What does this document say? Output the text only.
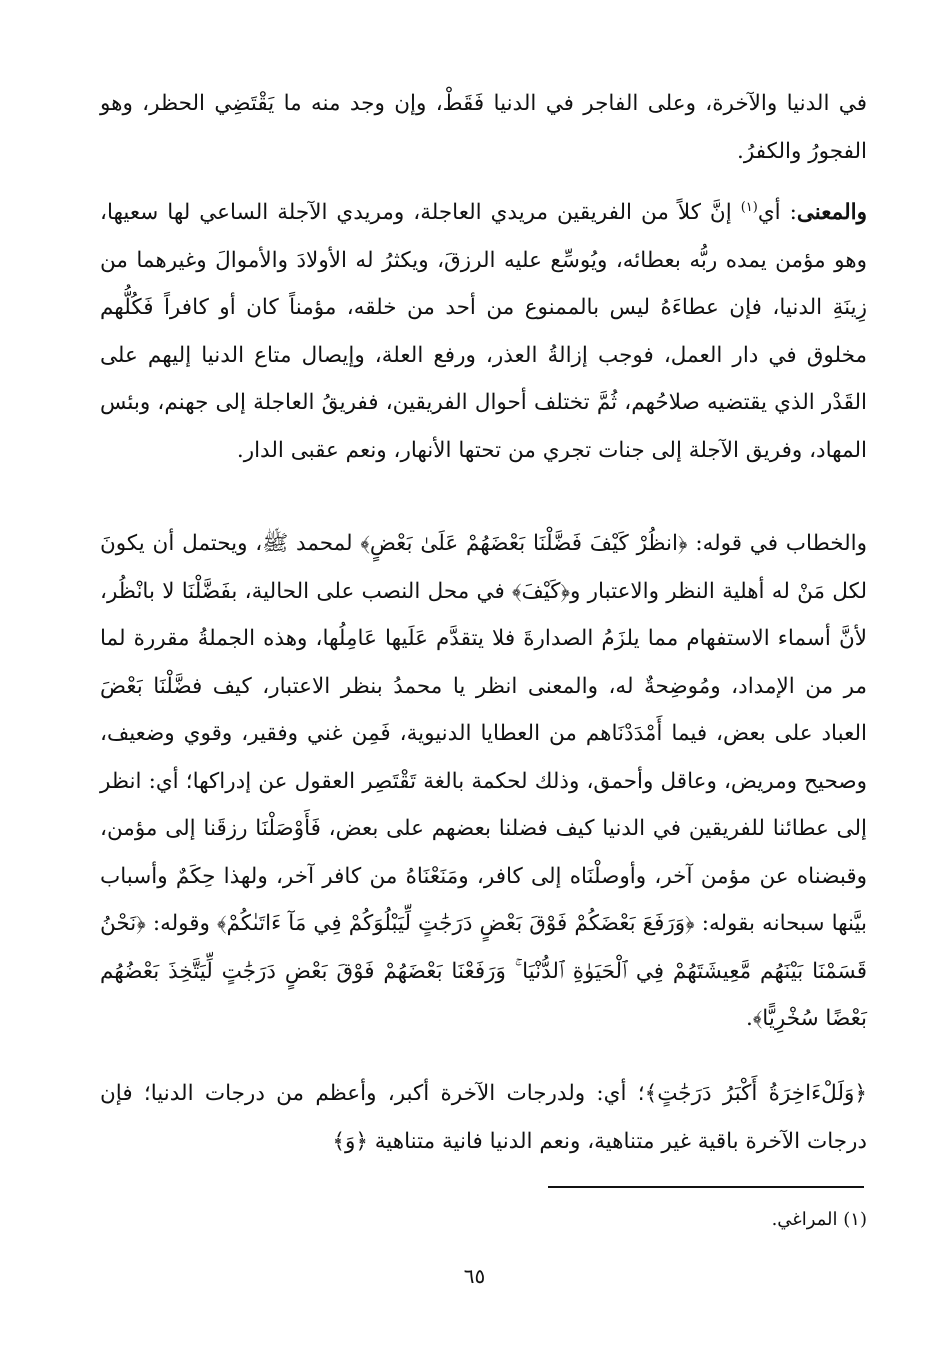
في الدنيا والآخرة، وعلى الفاجر في الدنيا فَقَطْ، وإن وجد منه ما يَقْتَضِي الحظر، وهو الفجورُ والكفرُ.

والمعنى: أي$^{(١)}$ إنَّ كلاً من الفريقين مريدي العاجلة، ومريدي الآجلة الساعي لها سعيها، وهو مؤمن يمده ربُّه بعطائه، ويُوسِّع عليه الرزقَ، ويكثرُ له الأولادَ والأموالَ وغيرهما من زِينَةِ الدنيا، فإن عطاءَهُ ليس بالممنوع من أحد من خلقه، مؤمناً كان أو كافراً فَكُلُّهم مخلوق في دار العمل، فوجب إزالةُ العذر، ورفع العلة، وإيصال متاع الدنيا إليهم على القَدْر الذي يقتضيه صلاحُهم، ثُمَّ تختلف أحوال الفريقين، ففريقُ العاجلة إلى جهنم، وبئس المهاد، وفريق الآجلة إلى جنات تجري من تحتها الأنهار، ونعم عقبى الدار.

والخطاب في قوله: ﴿انظُرْ كَيْفَ فَضَّلْنَا بَعْضَهُمْ عَلَىٰ بَعْضٍ﴾ لمحمد ﷺ، ويحتمل أن يكونَ لكل مَنْ له أهلية النظر والاعتبار و﴿كَيْفَ﴾ في محل النصب على الحالية، بفَضَّلْنَا لا بانْظُر، لأنَّ أسماء الاستفهام مما يلزَمُ الصدارةَ فلا يتقدَّم عَلَيها عَامِلُها، وهذه الجملةُ مقررة لما مر من الإمداد، ومُوضِحةٌ له، والمعنى انظر يا محمدُ بنظر الاعتبار، كيف فضَّلْنَا بَعْضَ العباد على بعض، فيما أَمْدَدْنَاهم من العطايا الدنيوية، فَمِن غني وفقير، وقوي وضعيف، وصحيح ومريض، وعاقل وأحمق، وذلك لحكمة بالغة تَقْتَصِر العقول عن إدراكها؛ أي: انظر إلى عطائنا للفريقين في الدنيا كيف فضلنا بعضهم على بعض، فَأَوْصَلْنَا رزقَنا إلى مؤمن، وقبضناه عن مؤمن آخر، وأوصلْنَاه إلى كافر، ومَنَعْنَاهُ من كافر آخر، ولهذا حِكَمٌ وأسباب بيَّنها سبحانه بقوله: ﴿وَرَفَعَ بَعْضَكُمْ فَوْقَ بَعْضٍ دَرَجَٰتٍ لِّيَبْلُوَكُمْ فِي مَآ ءَاتَىٰكُمْ﴾ وقوله: ﴿نَحْنُ قَسَمْنَا بَيْنَهُم مَّعِيشَتَهُمْ فِي ٱلْحَيَوٰةِ ٱلدُّنْيَا ۚ وَرَفَعْنَا بَعْضَهُمْ فَوْقَ بَعْضٍ دَرَجَٰتٍ لِّيَتَّخِذَ بَعْضُهُم بَعْضًا سُخْرِيًّا﴾.

﴿وَلَلْءَاخِرَةُ أَكْبَرُ دَرَجَٰتٍ﴾؛ أي: ولدرجات الآخرة أكبر، وأعظم من درجات الدنيا؛ فإن درجات الآخرة باقية غير متناهية، ونعم الدنيا فانية متناهية ﴿وَ﴾

(١) المراغي.

٦٥
